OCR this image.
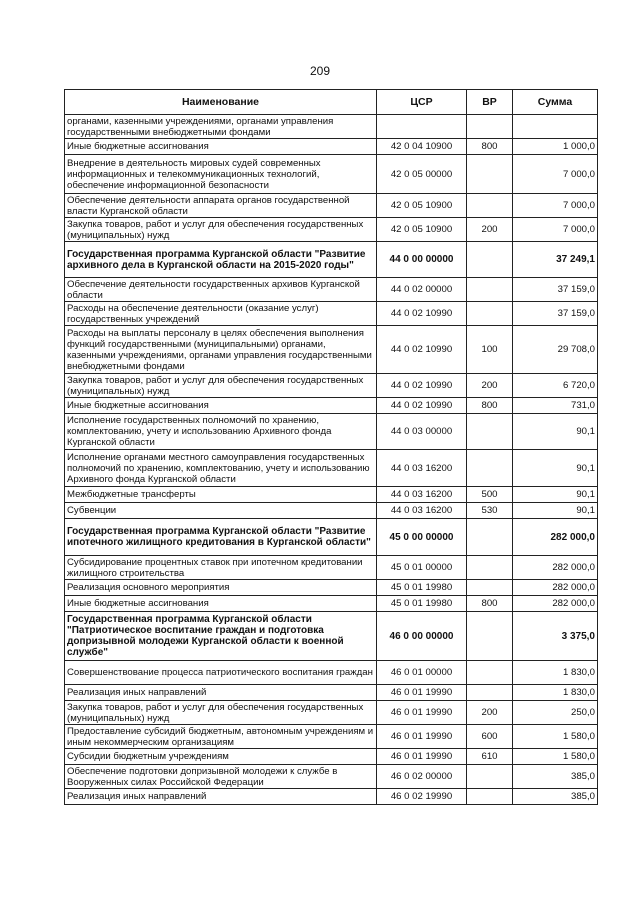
209
Наименование	ЦСР	ВР	Сумма
органами, казенными учреждениями, органами управления государственными внебюджетными фондами			
Иные бюджетные ассигнования	42 0 04 10900	800	1 000,0
Внедрение в деятельность мировых судей современных информационных и телекоммуникационных технологий, обеспечение информационной безопасности	42 0 05 00000		7 000,0
Обеспечение деятельности аппарата органов государственной власти Курганской области	42 0 05 10900		7 000,0
Закупка товаров, работ и услуг для обеспечения государственных (муниципальных) нужд	42 0 05 10900	200	7 000,0
Государственная программа Курганской области "Развитие архивного дела в Курганской области на 2015-2020 годы"	44 0 00 00000		37 249,1
Обеспечение деятельности государственных архивов Курганской области	44 0 02 00000		37 159,0
Расходы на обеспечение деятельности (оказание услуг) государственных учреждений	44 0 02 10990		37 159,0
Расходы на выплаты персоналу в целях обеспечения выполнения функций государственными (муниципальными) органами, казенными учреждениями, органами управления государственными внебюджетными фондами	44 0 02 10990	100	29 708,0
Закупка товаров, работ и услуг для обеспечения государственных (муниципальных) нужд	44 0 02 10990	200	6 720,0
Иные бюджетные ассигнования	44 0 02 10990	800	731,0
Исполнение государственных полномочий по хранению, комплектованию, учету и использованию Архивного фонда Курганской области	44 0 03 00000		90,1
Исполнение органами местного самоуправления государственных полномочий по хранению, комплектованию, учету и использованию Архивного фонда Курганской области	44 0 03 16200		90,1
Межбюджетные трансферты	44 0 03 16200	500	90,1
Субвенции	44 0 03 16200	530	90,1
Государственная программа Курганской области "Развитие ипотечного жилищного кредитования в Курганской области"	45 0 00 00000		282 000,0
Субсидирование процентных ставок при ипотечном кредитовании жилищного строительства	45 0 01 00000		282 000,0
Реализация основного мероприятия	45 0 01 19980		282 000,0
Иные бюджетные ассигнования	45 0 01 19980	800	282 000,0
Государственная программа Курганской области "Патриотическое воспитание граждан и подготовка допризывной молодежи Курганской области к военной службе"	46 0 00 00000		3 375,0
Совершенствование процесса патриотического воспитания граждан	46 0 01 00000		1 830,0
Реализация иных направлений	46 0 01 19990		1 830,0
Закупка товаров, работ и услуг для обеспечения государственных (муниципальных) нужд	46 0 01 19990	200	250,0
Предоставление субсидий бюджетным, автономным учреждениям и иным некоммерческим организациям	46 0 01 19990	600	1 580,0
Субсидии бюджетным учреждениям	46 0 01 19990	610	1 580,0
Обеспечение подготовки допризывной молодежи к службе в Вооруженных силах Российской Федерации	46 0 02 00000		385,0
Реализация иных направлений	46 0 02 19990		385,0
